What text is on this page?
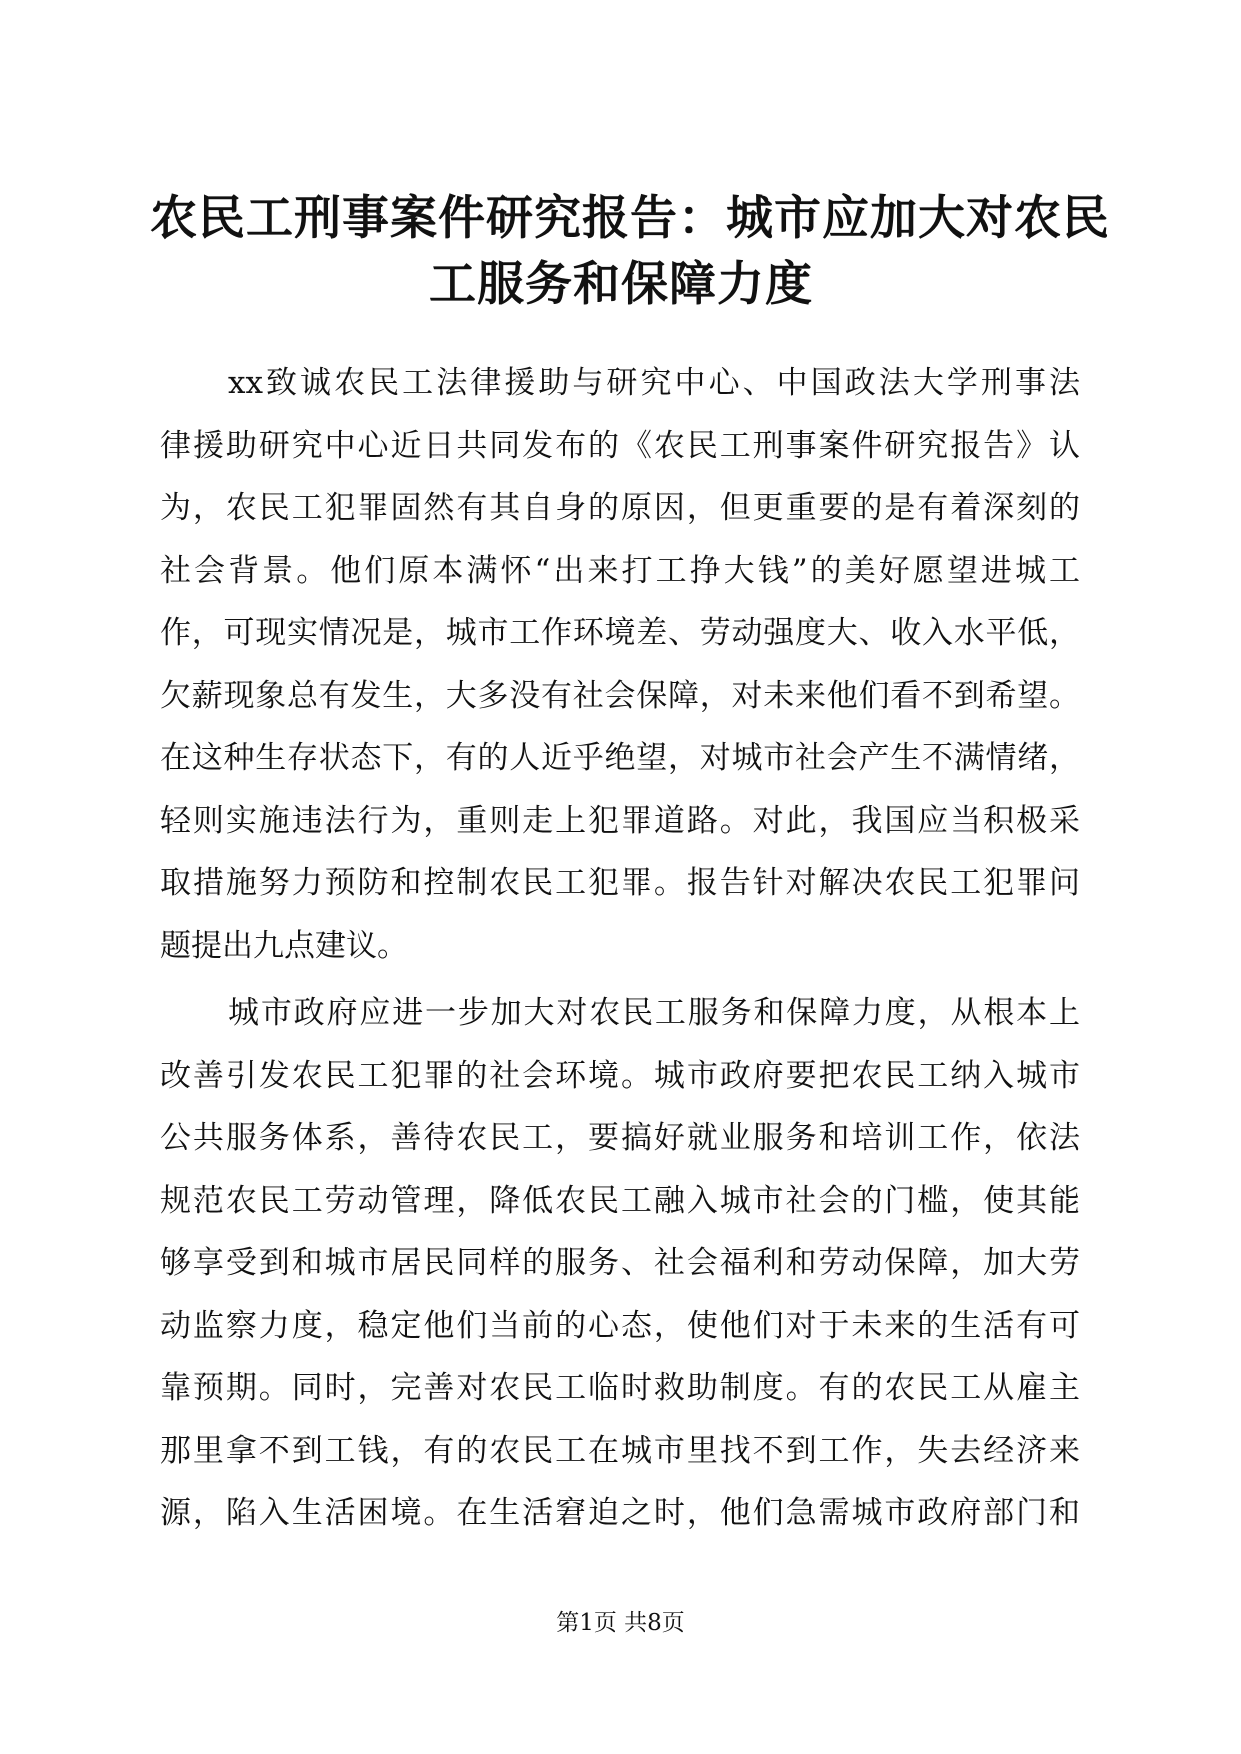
农民工刑事案件研究报告：城市应加大对农民
工服务和保障力度
xx致诚农民工法律援助与研究中心、中国政法大学刑事法
律援助研究中心近日共同发布的《农民工刑事案件研究报告》认
为，农民工犯罪固然有其自身的原因，但更重要的是有着深刻的
社会背景。他们原本满怀“出来打工挣大钱”的美好愿望进城工
作，可现实情况是，城市工作环境差、劳动强度大、收入水平低，
欠薪现象总有发生，大多没有社会保障，对未来他们看不到希望。
在这种生存状态下，有的人近乎绝望，对城市社会产生不满情绪，
轻则实施违法行为，重则走上犯罪道路。对此，我国应当积极采
取措施努力预防和控制农民工犯罪。报告针对解决农民工犯罪问
题提出九点建议。
城市政府应进一步加大对农民工服务和保障力度，从根本上
改善引发农民工犯罪的社会环境。城市政府要把农民工纳入城市
公共服务体系，善待农民工，要搞好就业服务和培训工作，依法
规范农民工劳动管理，降低农民工融入城市社会的门槛，使其能
够享受到和城市居民同样的服务、社会福利和劳动保障，加大劳
动监察力度，稳定他们当前的心态，使他们对于未来的生活有可
靠预期。同时，完善对农民工临时救助制度。有的农民工从雇主
那里拿不到工钱，有的农民工在城市里找不到工作，失去经济来
源，陷入生活困境。在生活窘迫之时，他们急需城市政府部门和
第1页 共8页
